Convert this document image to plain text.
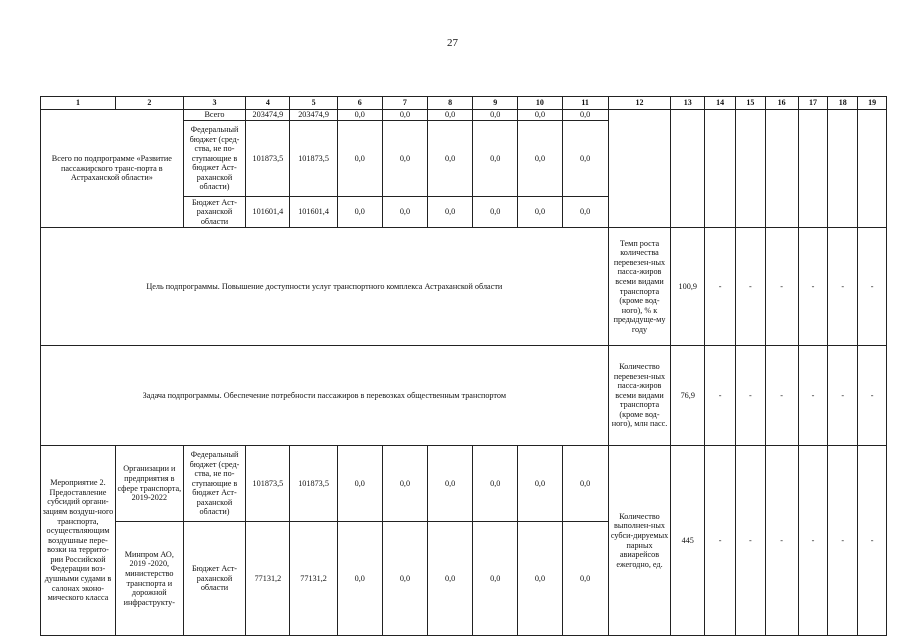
27
1	2	3	4	5	6	7	8	9	10	11	12	13	14	15	16	17	18	19
Всего по подпрограмме «Развитие пассажирского транс-порта в Астраханской области»		Всего	203474,9	203474,9	0,0	0,0	0,0	0,0	0,0	0,0								
		Федеральный бюджет (сред-ства, не по-ступающие в бюджет Аст-раханской области)	101873,5	101873,5	0,0	0,0	0,0	0,0	0,0	0,0								
		Бюджет Аст-раханской области	101601,4	101601,4	0,0	0,0	0,0	0,0	0,0	0,0								
Цель подпрограммы. Повышение доступности услуг транспортного комплекса Астраханской области											Темп роста количества перевезен-ных пасса-жиров всеми видами транспорта (кроме вод-ного), % к предыдуще-му году	100,9	-	-	-	-	-	-
Задача подпрограммы. Обеспечение потребности пассажиров в перевозках общественным транспортом											Количество перевезен-ных пасса-жиров всеми видами транспорта (кроме вод-ного), млн пасс.	76,9	-	-	-	-	-	-
Мероприятие 2. Предоставление субсидий органи-зациям воздуш-ного транспорта, осуществляющим воздушные пере-возки на террито-рии Российской Федерации воз-душными судами в салонах эконо-мического класса	Организации и предприятия в сфере транспорта, 2019-2022	Федеральный бюджет (сред-ства, не по-ступающие в бюджет Аст-раханской области)	101873,5	101873,5	0,0	0,0	0,0	0,0	0,0	0,0	Количество выполнен-ных субси-дируемых парных авиарейсов ежегодно, ед.	445	-	-	-	-	-	-
	Минпром АО, 2019 -2020, министерство транспорта и дорожной инфраструкту-	Бюджет Аст-раханской области	77131,2	77131,2	0,0	0,0	0,0	0,0	0,0	0,0								
